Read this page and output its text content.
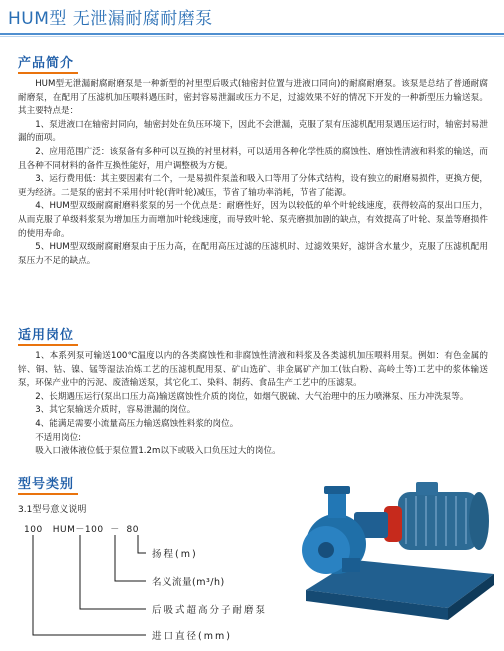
HUM型 无泄漏耐腐耐磨泵
产品简介

HUM型无泄漏耐腐耐磨泵是一种新型的衬里型后吸式(轴密封位置与进液口同向)的耐腐耐磨泵。该泵是总结了普通耐腐耐磨泵，在配用了压滤机加压喂料遇压时，密封容易泄漏或压力不足，过滤效果不好的情况下开发的一种新型压力输送泵。其主要特点是：

1、泵进液口在轴密封同向，轴密封处在负压环境下，因此不会泄漏，克服了泵有压滤机配用泵遇压运行时，轴密封易泄漏的面项。

2、应用范围广泛：该泵备有多种可以互换的衬里材料，可以适用各种化学性质的腐蚀性、磨蚀性清液和料浆的输送，而且各种不同材料的备件互换性能好，用户调整极为方便。

3、运行费用低：其主要因素有二个，一是易损件泵盖和吸入口等用了分体式结构，设有独立的耐磨易损件，更换方便，更为经济。二是泵的密封不采用付叶轮(背叶轮)减压，节省了轴功率消耗，节省了能源。

4、HUM型双级耐腐耐磨料浆泵的另一个优点是：耐磨性好，因为以较低的单个叶轮线速度，获得较高的泵出口压力，从而克服了单级料浆泵为增加压力而增加叶轮线速度，而导致叶轮、泵壳磨损加剧的缺点，有效提高了叶轮、泵盖等磨损件的使用寿命。

5、HUM型双级耐腐耐磨泵由于压力高，在配用高压过滤的压滤机时、过滤效果好，滤饼含水量少，克服了压滤机配用泵压力不足的缺点。

适用岗位

1、本系列泵可输送100℃温度以内的各类腐蚀性和非腐蚀性清液和料浆及各类滤机加压喂料用泵。例如：有色金属的锌、铜、钴、镍、锰等湿法冶炼工艺的压滤机配用泵、矿山选矿、非金属矿产加工(钛白粉、高岭土等)工艺中的浆体输送泵，环保产业中的污泥、废渣输送泵，其它化工、染料、制药、食品生产工艺中的压滤泵。

2、长期遇压运行(泵出口压力高)输送腐蚀性介质的岗位，如烟气脱硫、大气治理中的压力喷淋泵、压力冲洗泵等。

3、其它泵输送介质时，容易泄漏的岗位。

4、能满足需要小流量高压力输送腐蚀性料浆的岗位。

不适用岗位:

吸入口液体液位低于泵位置1.2m以下或吸入口负压过大的岗位。

型号类别
3.1型号意义说明
100   HUM－100  －  80
扬程(m)
名义流量(m³/h)
后吸式超高分子耐磨泵
进口直径(mm)
